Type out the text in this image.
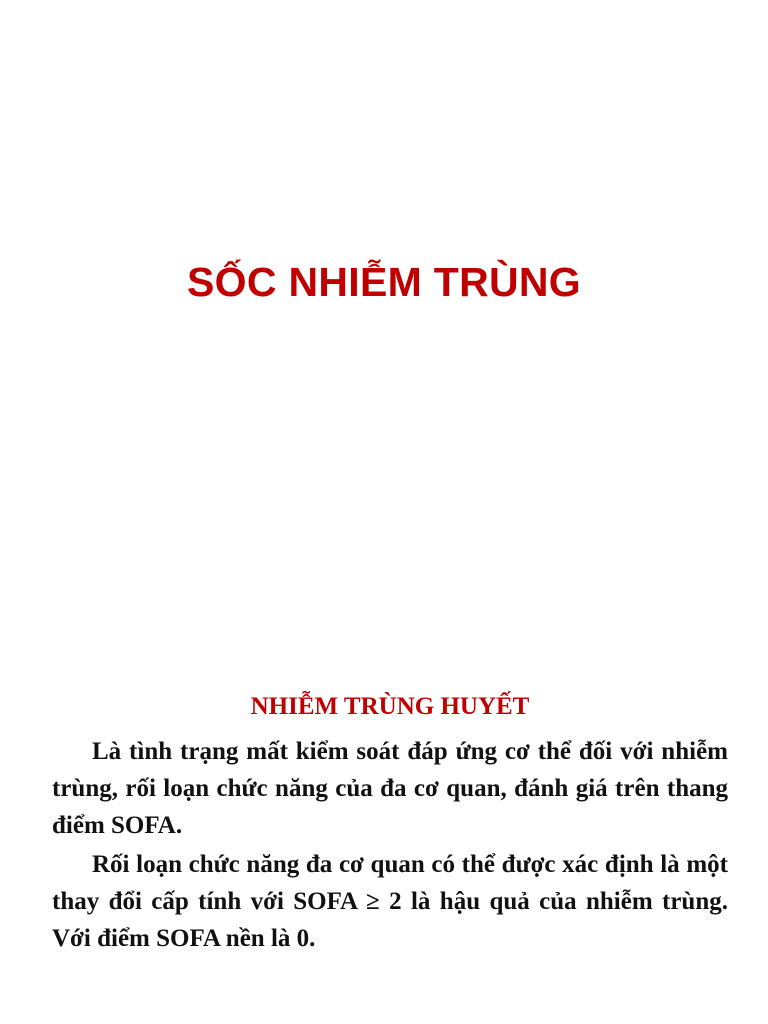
SỐC NHIỄM TRÙNG
NHIỄM TRÙNG HUYẾT

Là tình trạng mất kiểm soát đáp ứng cơ thể đối với nhiễm trùng, rối loạn chức năng của đa cơ quan, đánh giá trên thang điểm SOFA.

Rối loạn chức năng đa cơ quan có thể được xác định là một thay đổi cấp tính với SOFA ≥ 2 là hậu quả của nhiễm trùng. Với điểm SOFA nền là 0.
